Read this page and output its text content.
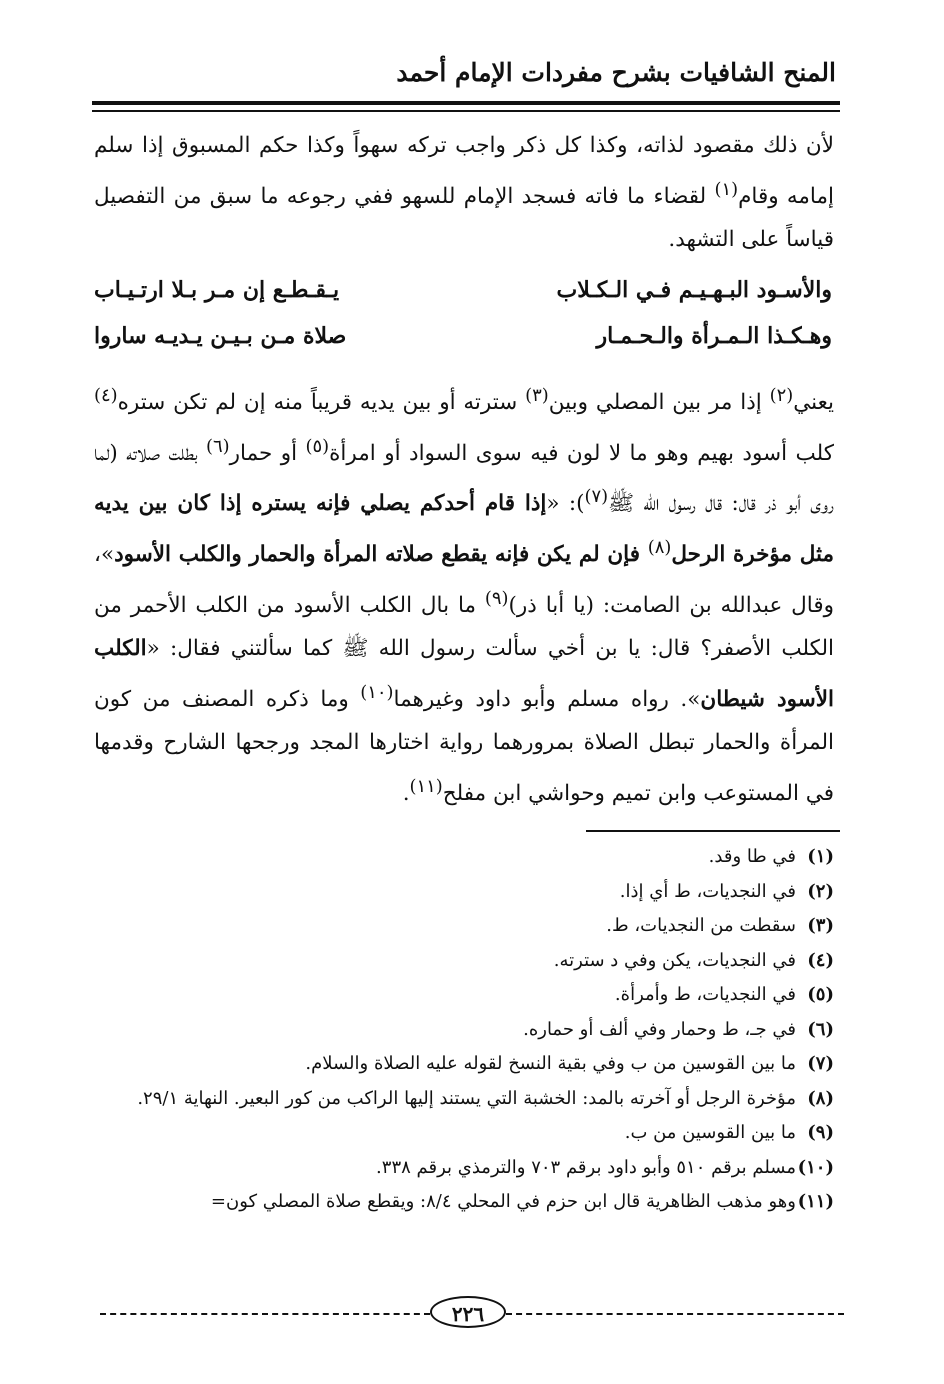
المنح الشافيات بشرح مفردات الإمام أحمد
لأن ذلك مقصود لذاته، وكذا كل ذكر واجب تركه سهواً وكذا حكم المسبوق إذا سلم إمامه وقام$^{(١)}$ لقضاء ما فاته فسجد الإمام للسهو ففي رجوعه ما سبق من التفصيل قياساً على التشهد.
والأسـود البـهـيـم فـي الـكـلاب
يـقـطـع إن مـر بـلا ارتـيـاب
وهـكـذا الـمـرأة والـحـمـار
صلاة مـن بـيـن يـديـه ساروا
يعني$^{(٢)}$ إذا مر بين المصلي وبين$^{(٣)}$ سترته أو بين يديه قريباً منه إن لم تكن ستره$^{(٤)}$ كلب أسود بهيم وهو ما لا لون فيه سوى السواد أو امرأة$^{(٥)}$ أو حمار$^{(٦)}$ بطلت صلاته (لما روى أبو ذر قال: قال رسول الله ﷺ$^{(٧)}$): «إذا قام أحدكم يصلي فإنه يستره إذا كان بين يديه مثل مؤخرة الرحل$^{(٨)}$ فإن لم يكن فإنه يقطع صلاته المرأة والحمار والكلب الأسود»، وقال عبدالله بن الصامت: (يا أبا ذر)$^{(٩)}$ ما بال الكلب الأسود من الكلب الأحمر من الكلب الأصفر؟ قال: يا بن أخي سألت رسول الله ﷺ كما سألتني فقال: «الكلب الأسود شيطان». رواه مسلم وأبو داود وغيرهما$^{(١٠)}$ وما ذكره المصنف من كون المرأة والحمار تبطل الصلاة بمرورهما رواية اختارها المجد ورجحها الشارح وقدمها في المستوعب وابن تميم وحواشي ابن مفلح$^{(١١)}$.
(١)
في طا وقد.
(٢)
في النجديات، ط أي إذا.
(٣)
سقطت من النجديات، ط.
(٤)
في النجديات، يكن وفي د سترته.
(٥)
في النجديات، ط وأمرأة.
(٦)
في جـ، ط وحمار وفي ألف أو حماره.
(٧)
ما بين القوسين من ب وفي بقية النسخ لقوله عليه الصلاة والسلام.
(٨)
مؤخرة الرجل أو آخرته بالمد: الخشبة التي يستند إليها الراكب من كور البعير. النهاية ٢٩/١.
(٩)
ما بين القوسين من ب.
(١٠)
مسلم برقم ٥١٠ وأبو داود برقم ٧٠٣ والترمذي برقم ٣٣٨.
(١١)
وهو مذهب الظاهرية قال ابن حزم في المحلي ٨/٤: ويقطع صلاة المصلي كون=
٢٢٦
